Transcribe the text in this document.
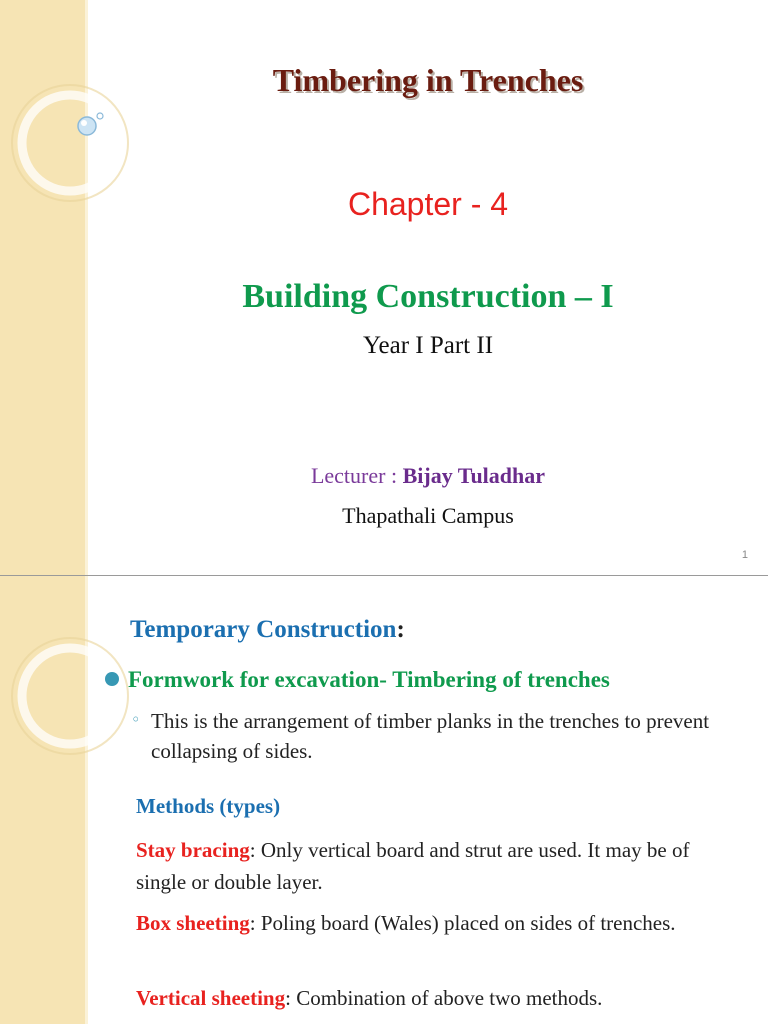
Timbering in Trenches
Chapter - 4
Building Construction – I
Year I Part II
Lecturer : Bijay Tuladhar
Thapathali Campus
1
Temporary Construction:
Formwork for excavation- Timbering of trenches
◦ This is the arrangement of timber planks in the trenches to prevent collapsing of sides.
Methods (types)
Stay bracing: Only vertical board and strut are used. It may be of single or double layer.
Box sheeting: Poling board (Wales) placed on sides of trenches.
Vertical sheeting: Combination of above two methods.
